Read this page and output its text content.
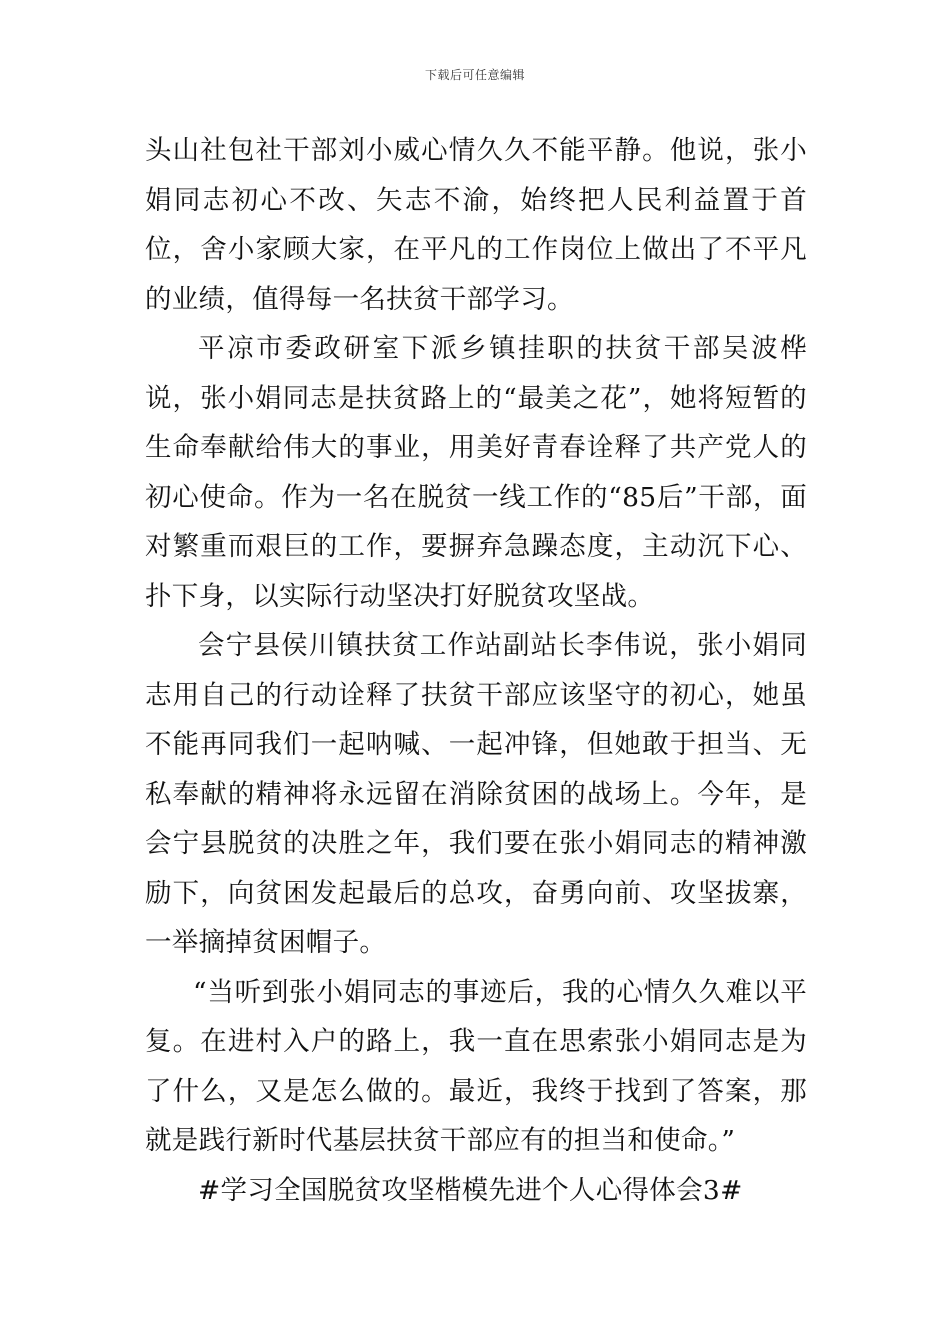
下载后可任意编辑

头山社包社干部刘小威心情久久不能平静。他说，张小娟同志初心不改、矢志不渝，始终把人民利益置于首位，舍小家顾大家，在平凡的工作岗位上做出了不平凡的业绩，值得每一名扶贫干部学习。

平凉市委政研室下派乡镇挂职的扶贫干部吴波桦说，张小娟同志是扶贫路上的“最美之花”，她将短暂的生命奉献给伟大的事业，用美好青春诠释了共产党人的初心使命。作为一名在脱贫一线工作的“85后”干部，面对繁重而艰巨的工作，要摒弃急躁态度，主动沉下心、扑下身，以实际行动坚决打好脱贫攻坚战。

会宁县侯川镇扶贫工作站副站长李伟说，张小娟同志用自己的行动诠释了扶贫干部应该坚守的初心，她虽不能再同我们一起呐喊、一起冲锋，但她敢于担当、无私奉献的精神将永远留在消除贫困的战场上。今年，是会宁县脱贫的决胜之年，我们要在张小娟同志的精神激励下，向贫困发起最后的总攻，奋勇向前、攻坚拔寨，一举摘掉贫困帽子。

“当听到张小娟同志的事迹后，我的心情久久难以平复。在进村入户的路上，我一直在思索张小娟同志是为了什么，又是怎么做的。最近，我终于找到了答案，那就是践行新时代基层扶贫干部应有的担当和使命。”

#学习全国脱贫攻坚楷模先进个人心得体会3#
